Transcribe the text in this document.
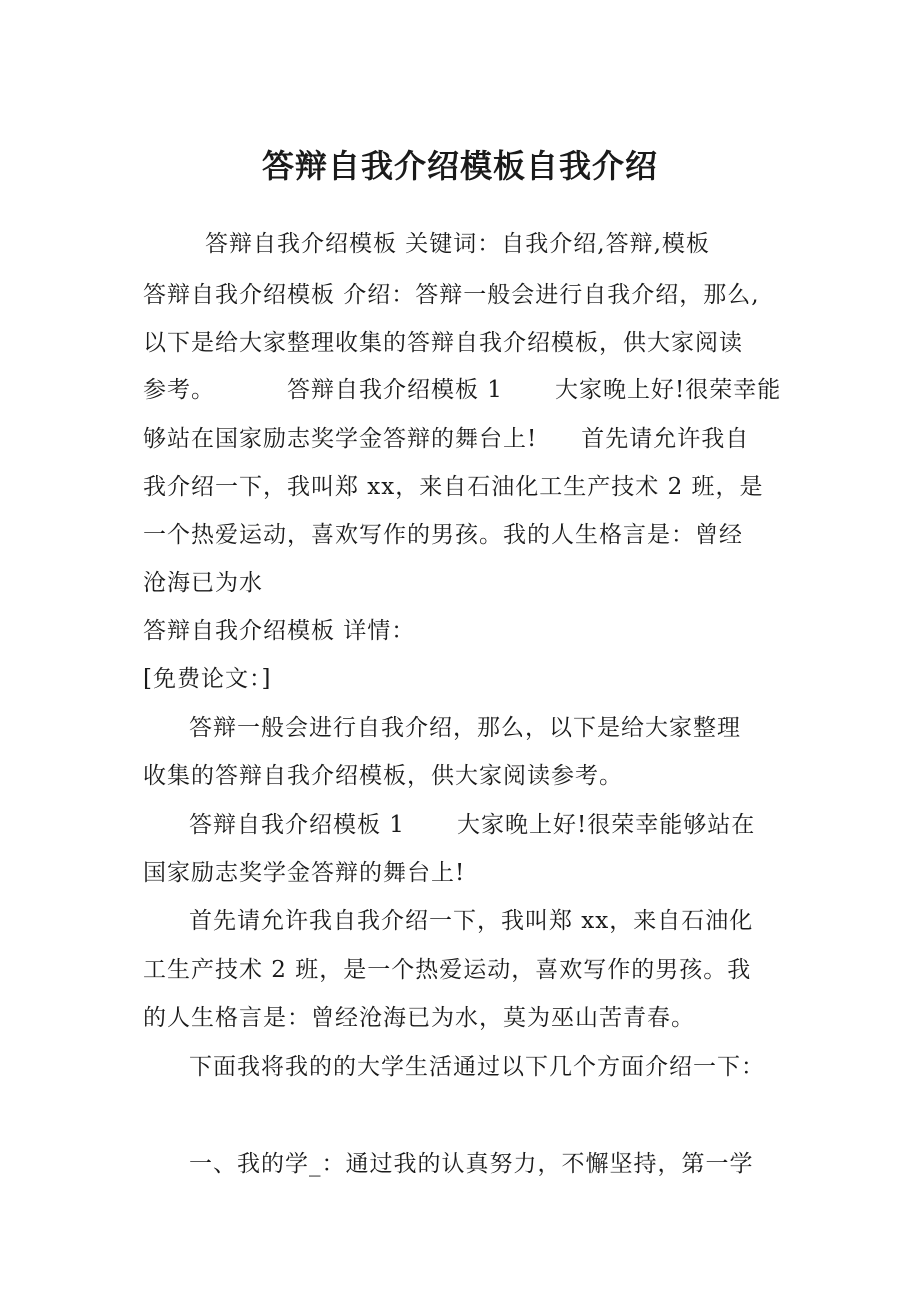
答辩自我介绍模板自我介绍
答辩自我介绍模板 关键词：自我介绍,答辩,模板
答辩自我介绍模板 介绍：答辩一般会进行自我介绍，那么,
以下是给大家整理收集的答辩自我介绍模板，供大家阅读
参考。	答辩自我介绍模板 1 大家晚上好!很荣幸能
够站在国家励志奖学金答辩的舞台上! 首先请允许我自
我介绍一下，我叫郑 xx，来自石油化工生产技术 2 班，是
一个热爱运动，喜欢写作的男孩。我的人生格言是：曾经
沧海已为水
答辩自我介绍模板 详情：
[免费论文：]
答辩一般会进行自我介绍，那么，以下是给大家整理
收集的答辩自我介绍模板，供大家阅读参考。
答辩自我介绍模板 1 大家晚上好!很荣幸能够站在
国家励志奖学金答辩的舞台上!
首先请允许我自我介绍一下，我叫郑 xx，来自石油化
工生产技术 2 班，是一个热爱运动，喜欢写作的男孩。我
的人生格言是：曾经沧海已为水，莫为巫山苦青春。
下面我将我的的大学生活通过以下几个方面介绍一下：
一、我的学_：通过我的认真努力，不懈坚持，第一学
